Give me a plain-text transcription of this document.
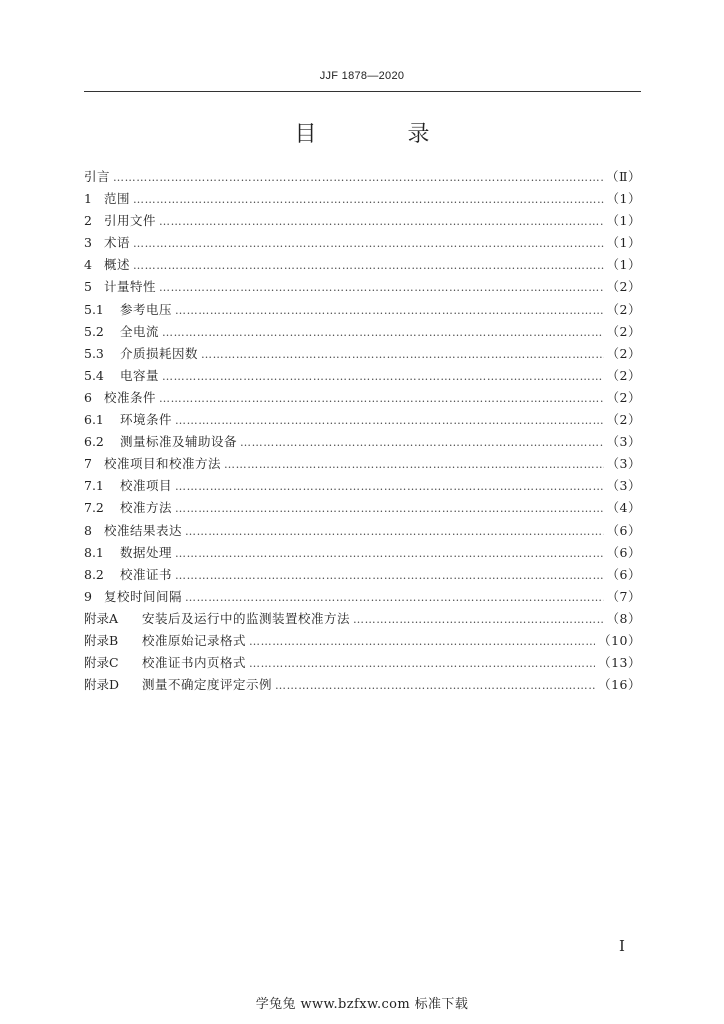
JJF 1878—2020
目 录
引言 …………………………………………………………………………………………………………………………………………………………………………………………………………	（Ⅱ）
1 范围 …………………………………………………………………………………………………………………………………………………………………………………………………………	（1）
2 引用文件 …………………………………………………………………………………………………………………………………………………………………………………………………………	（1）
3 术语 …………………………………………………………………………………………………………………………………………………………………………………………………………	（1）
4 概述 …………………………………………………………………………………………………………………………………………………………………………………………………………	（1）
5 计量特性 …………………………………………………………………………………………………………………………………………………………………………………………………………	（2）
5.1	参考电压 …………………………………………………………………………………………………………………………………………………………………………………………………………	（2）
5.2	全电流 …………………………………………………………………………………………………………………………………………………………………………………………………………	（2）
5.3	介质损耗因数 …………………………………………………………………………………………………………………………………………………………………………………………………………	（2）
5.4	电容量 …………………………………………………………………………………………………………………………………………………………………………………………………………	（2）
6 校准条件 …………………………………………………………………………………………………………………………………………………………………………………………………………	（2）
6.1	环境条件 …………………………………………………………………………………………………………………………………………………………………………………………………………	（2）
6.2	测量标准及辅助设备 …………………………………………………………………………………………………………………………………………………………………………………………………………	（3）
7 校准项目和校准方法 …………………………………………………………………………………………………………………………………………………………………………………………………………	（3）
7.1	校准项目 …………………………………………………………………………………………………………………………………………………………………………………………………………	（3）
7.2	校准方法 …………………………………………………………………………………………………………………………………………………………………………………………………………	（4）
8 校准结果表达 …………………………………………………………………………………………………………………………………………………………………………………………………………	（6）
8.1	数据处理 …………………………………………………………………………………………………………………………………………………………………………………………………………	（6）
8.2	校准证书 …………………………………………………………………………………………………………………………………………………………………………………………………………	（6）
9 复校时间间隔 …………………………………………………………………………………………………………………………………………………………………………………………………………	（7）
附录A	安装后及运行中的监测装置校准方法 …………………………………………………………………………………………………………………………………………………………………………………………………………	（8）
附录B	校准原始记录格式 …………………………………………………………………………………………………………………………………………………………………………………………………………	（10）
附录C	校准证书内页格式 …………………………………………………………………………………………………………………………………………………………………………………………………………	（13）
附录D	测量不确定度评定示例 …………………………………………………………………………………………………………………………………………………………………………………………………………	（16）
I
学兔兔 www.bzfxw.com 标准下载
